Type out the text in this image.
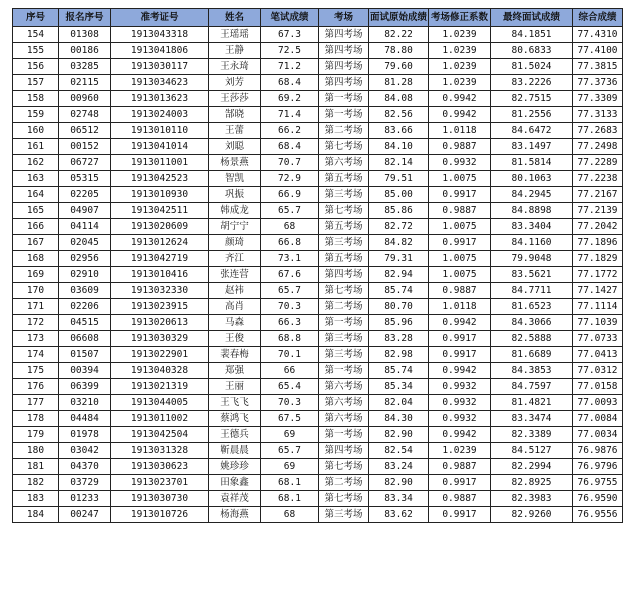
序号	报名序号	准考证号	姓名	笔试成绩	考场	面试原始成绩	考场修正系数	最终面试成绩	综合成绩
154	01308	1913043318	王瑶瑶	67.3	第四考场	82.22	1.0239	84.1851	77.4310
155	00186	1913041806	王静	72.5	第四考场	78.80	1.0239	80.6833	77.4100
156	03285	1913030117	王永琦	71.2	第四考场	79.60	1.0239	81.5024	77.3815
157	02115	1913034623	刘芳	68.4	第四考场	81.28	1.0239	83.2226	77.3736
158	00960	1913013623	王莎莎	69.2	第一考场	84.08	0.9942	82.7515	77.3309
159	02748	1913024003	郜晓	71.4	第一考场	82.56	0.9942	81.2556	77.3133
160	06512	1913010110	王蕾	66.2	第二考场	83.66	1.0118	84.6472	77.2683
161	00152	1913041014	刘聪	68.4	第七考场	84.10	0.9887	83.1497	77.2498
162	06727	1913011001	杨景燕	70.7	第六考场	82.14	0.9932	81.5814	77.2289
163	05315	1913042523	智凯	72.9	第五考场	79.51	1.0075	80.1063	77.2238
164	02205	1913010930	巩振	66.9	第三考场	85.00	0.9917	84.2945	77.2167
165	04907	1913042511	韩成龙	65.7	第七考场	85.86	0.9887	84.8898	77.2139
166	04114	1913020609	胡宁宁	68	第五考场	82.72	1.0075	83.3404	77.2042
167	02045	1913012624	颜琦	66.8	第三考场	84.82	0.9917	84.1160	77.1896
168	02956	1913042719	齐江	73.1	第五考场	79.31	1.0075	79.9048	77.1829
169	02910	1913010416	张连营	67.6	第四考场	82.94	1.0075	83.5621	77.1772
170	03609	1913032330	赵祎	65.7	第七考场	85.74	0.9887	84.7711	77.1427
171	02206	1913023915	高肖	70.3	第二考场	80.70	1.0118	81.6523	77.1114
172	04515	1913020613	马森	66.3	第一考场	85.96	0.9942	84.3066	77.1039
173	06608	1913030329	王俊	68.8	第三考场	83.28	0.9917	82.5888	77.0733
174	01507	1913022901	裴春梅	70.1	第三考场	82.98	0.9917	81.6689	77.0413
175	00394	1913040328	郑强	66	第一考场	85.74	0.9942	84.3853	77.0312
176	06399	1913021319	王丽	65.4	第六考场	85.34	0.9932	84.7597	77.0158
177	03210	1913044005	王飞飞	70.3	第六考场	82.04	0.9932	81.4821	77.0093
178	04484	1913011002	蔡鸿飞	67.5	第六考场	84.30	0.9932	83.3474	77.0084
179	01978	1913042504	王德兵	69	第一考场	82.90	0.9942	82.3389	77.0034
180	03042	1913031328	靳晨晨	65.7	第四考场	82.54	1.0239	84.5127	76.9876
181	04370	1913030623	姚珍珍	69	第七考场	83.24	0.9887	82.2994	76.9796
182	03729	1913023701	田象鑫	68.1	第二考场	82.90	0.9917	82.8925	76.9755
183	01233	1913030730	袁祥茂	68.1	第七考场	83.34	0.9887	82.3983	76.9590
184	00247	1913010726	杨海燕	68	第三考场	83.62	0.9917	82.9260	76.9556
